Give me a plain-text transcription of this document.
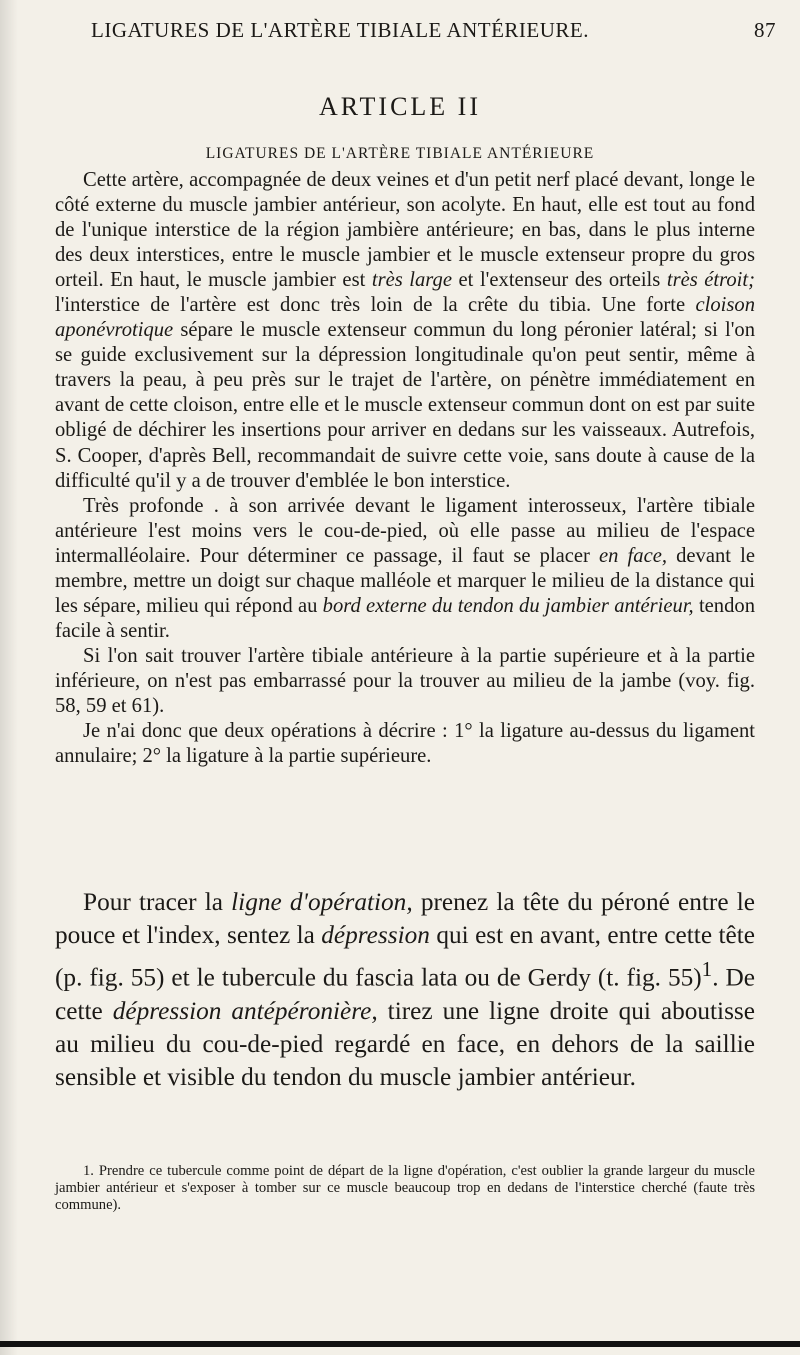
LIGATURES DE L'ARTÈRE TIBIALE ANTÉRIEURE.	87
ARTICLE II
LIGATURES DE L'ARTÈRE TIBIALE ANTÉRIEURE

Cette artère, accompagnée de deux veines et d'un petit nerf placé devant, longe le côté externe du muscle jambier antérieur, son acolyte. En haut, elle est tout au fond de l'unique interstice de la région jambière antérieure; en bas, dans le plus interne des deux interstices, entre le muscle jambier et le muscle extenseur propre du gros orteil. En haut, le muscle jambier est très large et l'extenseur des orteils très étroit; l'interstice de l'artère est donc très loin de la crête du tibia. Une forte cloison aponévrotique sépare le muscle extenseur commun du long péronier latéral; si l'on se guide exclusivement sur la dépression longitudinale qu'on peut sentir, même à travers la peau, à peu près sur le trajet de l'artère, on pénètre immédiatement en avant de cette cloison, entre elle et le muscle extenseur commun dont on est par suite obligé de déchirer les insertions pour arriver en dedans sur les vaisseaux. Autrefois, S. Cooper, d'après Bell, recommandait de suivre cette voie, sans doute à cause de la difficulté qu'il y a de trouver d'emblée le bon interstice.

Très profonde . à son arrivée devant le ligament interosseux, l'artère tibiale antérieure l'est moins vers le cou-de-pied, où elle passe au milieu de l'espace intermalléolaire. Pour déterminer ce passage, il faut se placer en face, devant le membre, mettre un doigt sur chaque malléole et marquer le milieu de la distance qui les sépare, milieu qui répond au bord externe du tendon du jambier antérieur, tendon facile à sentir.

Si l'on sait trouver l'artère tibiale antérieure à la partie supérieure et à la partie inférieure, on n'est pas embarrassé pour la trouver au milieu de la jambe (voy. fig. 58, 59 et 61).

Je n'ai donc que deux opérations à décrire : 1° la ligature au-dessus du ligament annulaire; 2° la ligature à la partie supérieure.

Pour tracer la ligne d'opération, prenez la tête du péroné entre le pouce et l'index, sentez la dépression qui est en avant, entre cette tête (p. fig. 55) et le tubercule du fascia lata ou de Gerdy (t. fig. 55)$^1$. De cette dépression antépéronière, tirez une ligne droite qui aboutisse au milieu du cou-de-pied regardé en face, en dehors de la saillie sensible et visible du tendon du muscle jambier antérieur.

1. Prendre ce tubercule comme point de départ de la ligne d'opération, c'est oublier la grande largeur du muscle jambier antérieur et s'exposer à tomber sur ce muscle beaucoup trop en dedans de l'interstice cherché (faute très commune).
